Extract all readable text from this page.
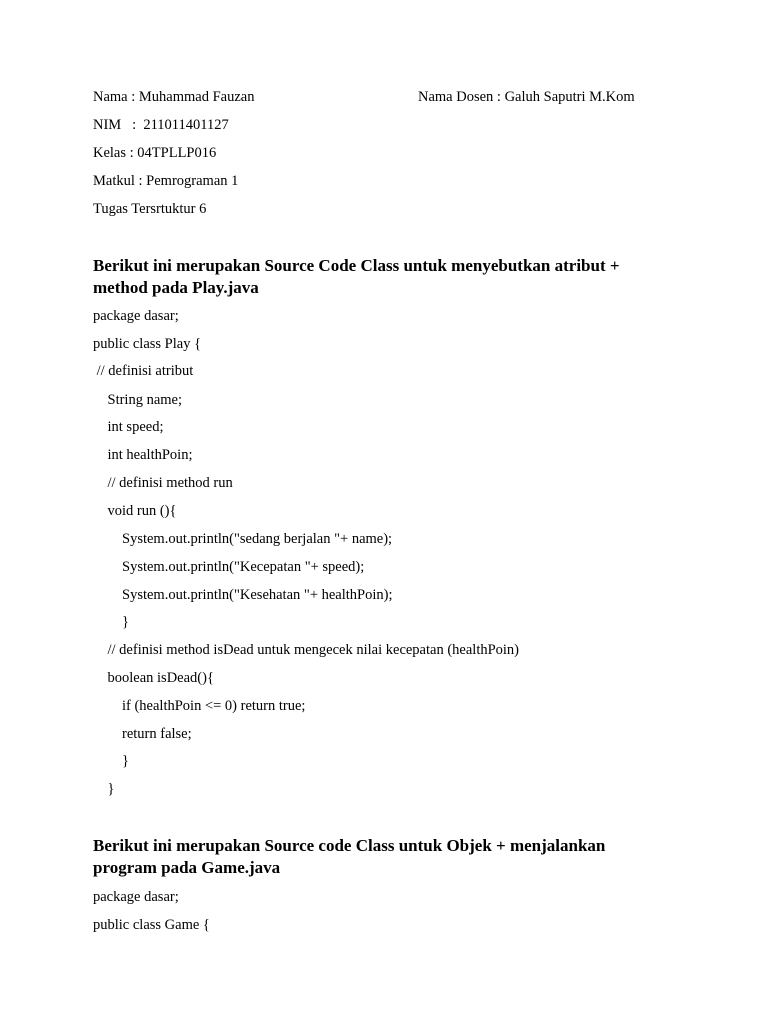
Nama : Muhammad Fauzan	Nama Dosen : Galuh Saputri M.Kom

NIM   :  211011401127

Kelas : 04TPLLP016

Matkul : Pemrograman 1

Tugas Tersrtuktur 6

Berikut ini merupakan Source Code Class untuk menyebutkan atribut +
method pada Play.java

package dasar;

public class Play {

// definisi atribut

String name;

int speed;

int healthPoin;

// definisi method run

void run (){

System.out.println("sedang berjalan "+ name);

System.out.println("Kecepatan "+ speed);

System.out.println("Kesehatan "+ healthPoin);

}

// definisi method isDead untuk mengecek nilai kecepatan (healthPoin)

boolean isDead(){

if (healthPoin <= 0) return true;

return false;

}

}

Berikut ini merupakan Source code Class untuk Objek + menjalankan
program pada Game.java

package dasar;

public class Game {
